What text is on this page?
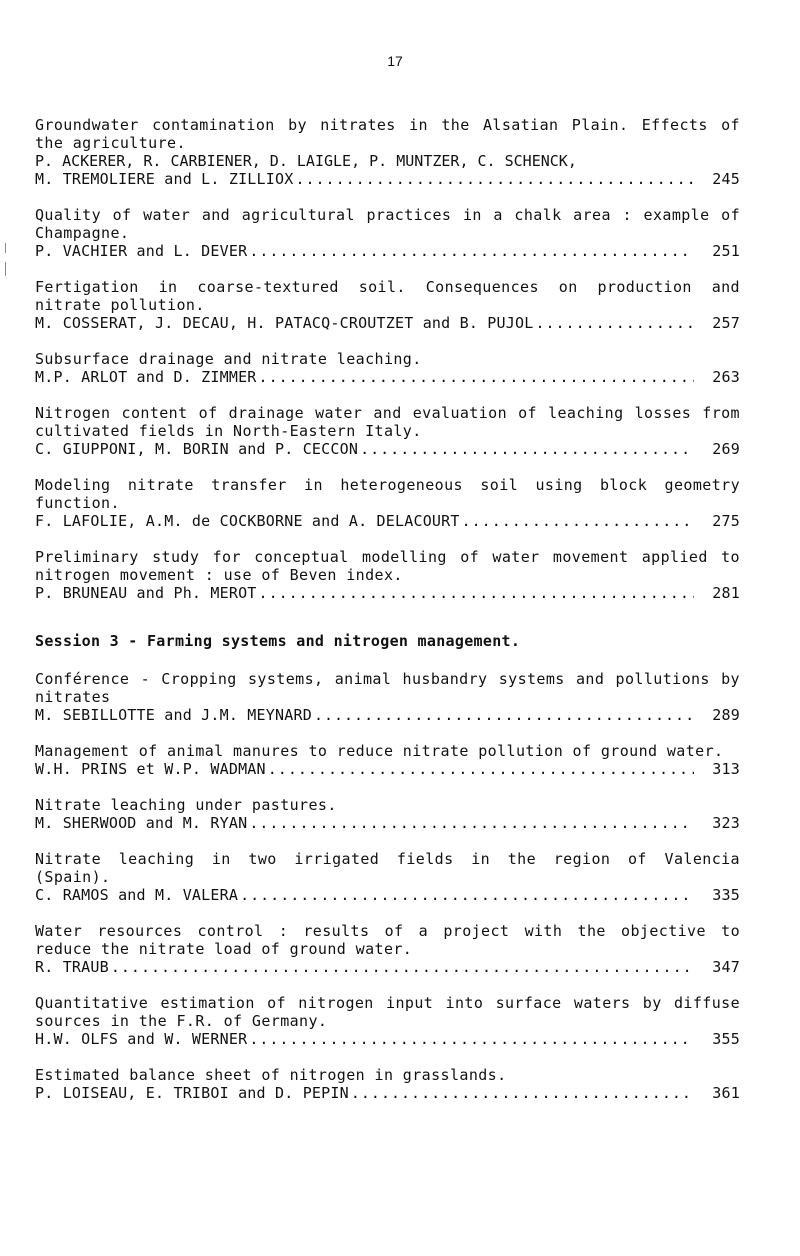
17
Groundwater contamination by nitrates in the Alsatian Plain. Effects of the agriculture.
P. ACKERER, R. CARBIENER, D. LAIGLE, P. MUNTZER, C. SCHENCK,
M. TREMOLIERE and L. ZILLIOX .....	245
Quality of water and agricultural practices in a chalk area : example of Champagne.
P. VACHIER and L. DEVER .....	251
Fertigation in coarse-textured soil. Consequences on production and nitrate pollution.
M. COSSERAT, J. DECAU, H. PATACQ-CROUTZET and B. PUJOL .....	257
Subsurface drainage and nitrate leaching.
M.P. ARLOT and D. ZIMMER .....	263
Nitrogen content of drainage water and evaluation of leaching losses from cultivated fields in North-Eastern Italy.
C. GIUPPONI, M. BORIN and P. CECCON .....	269
Modeling nitrate transfer in heterogeneous soil using block geometry function.
F. LAFOLIE, A.M. de COCKBORNE and A. DELACOURT .....	275
Preliminary study for conceptual modelling of water movement applied to nitrogen movement : use of Beven index.
P. BRUNEAU and Ph. MEROT .....	281
Session 3 - Farming systems and nitrogen management.
Conférence - Cropping systems, animal husbandry systems and pollutions by nitrates
M. SEBILLOTTE and J.M. MEYNARD .....	289
Management of animal manures to reduce nitrate pollution of ground water.
W.H. PRINS et W.P. WADMAN .....	313
Nitrate leaching under pastures.
M. SHERWOOD and M. RYAN .....	323
Nitrate leaching in two irrigated fields in the region of Valencia (Spain).
C. RAMOS and M. VALERA .....	335
Water resources control : results of a project with the objective to reduce the nitrate load of ground water.
R. TRAUB .....	347
Quantitative estimation of nitrogen input into surface waters by diffuse sources in the F.R. of Germany.
H.W. OLFS and W. WERNER .....	355
Estimated balance sheet of nitrogen in grasslands.
P. LOISEAU, E. TRIBOI and D. PEPIN .....	361
